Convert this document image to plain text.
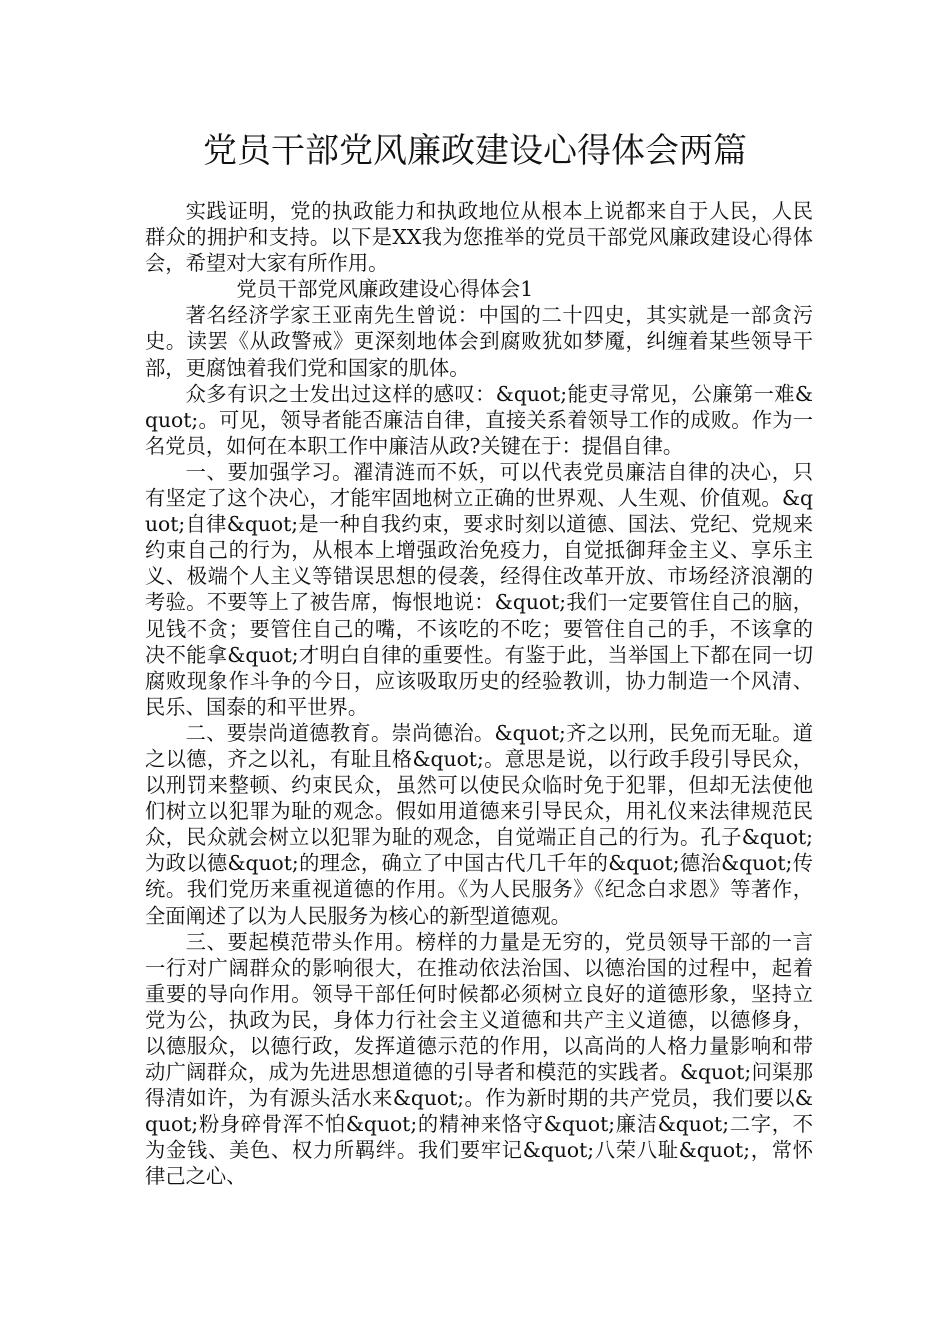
党员干部党风廉政建设心得体会两篇

实践证明，党的执政能力和执政地位从根本上说都来自于人民，人民群众的拥护和支持。以下是XX我为您推举的党员干部党风廉政建设心得体会，希望对大家有所作用。

党员干部党风廉政建设心得体会1

著名经济学家王亚南先生曾说：中国的二十四史，其实就是一部贪污史。读罢《从政警戒》更深刻地体会到腐败犹如梦魇，纠缠着某些领导干部，更腐蚀着我们党和国家的肌体。

众多有识之士发出过这样的感叹：&quot;能吏寻常见，公廉第一难&quot;。可见，领导者能否廉洁自律，直接关系着领导工作的成败。作为一名党员，如何在本职工作中廉洁从政?关键在于：提倡自律。

一、要加强学习。濯清涟而不妖，可以代表党员廉洁自律的决心，只有坚定了这个决心，才能牢固地树立正确的世界观、人生观、价值观。&quot;自律&quot;是一种自我约束，要求时刻以道德、国法、党纪、党规来约束自己的行为，从根本上增强政治免疫力，自觉抵御拜金主义、享乐主义、极端个人主义等错误思想的侵袭，经得住改革开放、市场经济浪潮的考验。不要等上了被告席，悔恨地说：&quot;我们一定要管住自己的脑，见钱不贪；要管住自己的嘴，不该吃的不吃；要管住自己的手，不该拿的决不能拿&quot;才明白自律的重要性。有鉴于此，当举国上下都在同一切腐败现象作斗争的今日，应该吸取历史的经验教训，协力制造一个风清、民乐、国泰的和平世界。

二、要崇尚道德教育。崇尚德治。&quot;齐之以刑，民免而无耻。道之以德，齐之以礼，有耻且格&quot;。意思是说，以行政手段引导民众，以刑罚来整顿、约束民众，虽然可以使民众临时免于犯罪，但却无法使他们树立以犯罪为耻的观念。假如用道德来引导民众，用礼仪来法律规范民众，民众就会树立以犯罪为耻的观念，自觉端正自己的行为。孔子&quot;为政以德&quot;的理念，确立了中国古代几千年的&quot;德治&quot;传统。我们党历来重视道德的作用。《为人民服务》《纪念白求恩》等著作，全面阐述了以为人民服务为核心的新型道德观。

三、要起模范带头作用。榜样的力量是无穷的，党员领导干部的一言一行对广阔群众的影响很大，在推动依法治国、以德治国的过程中，起着重要的导向作用。领导干部任何时候都必须树立良好的道德形象，坚持立党为公，执政为民，身体力行社会主义道德和共产主义道德，以德修身，以德服众，以德行政，发挥道德示范的作用，以高尚的人格力量影响和带动广阔群众，成为先进思想道德的引导者和模范的实践者。&quot;问渠那得清如许，为有源头活水来&quot;。作为新时期的共产党员，我们要以&quot;粉身碎骨浑不怕&quot;的精神来恪守&quot;廉洁&quot;二字，不为金钱、美色、权力所羁绊。我们要牢记&quot;八荣八耻&quot;，常怀律己之心、
